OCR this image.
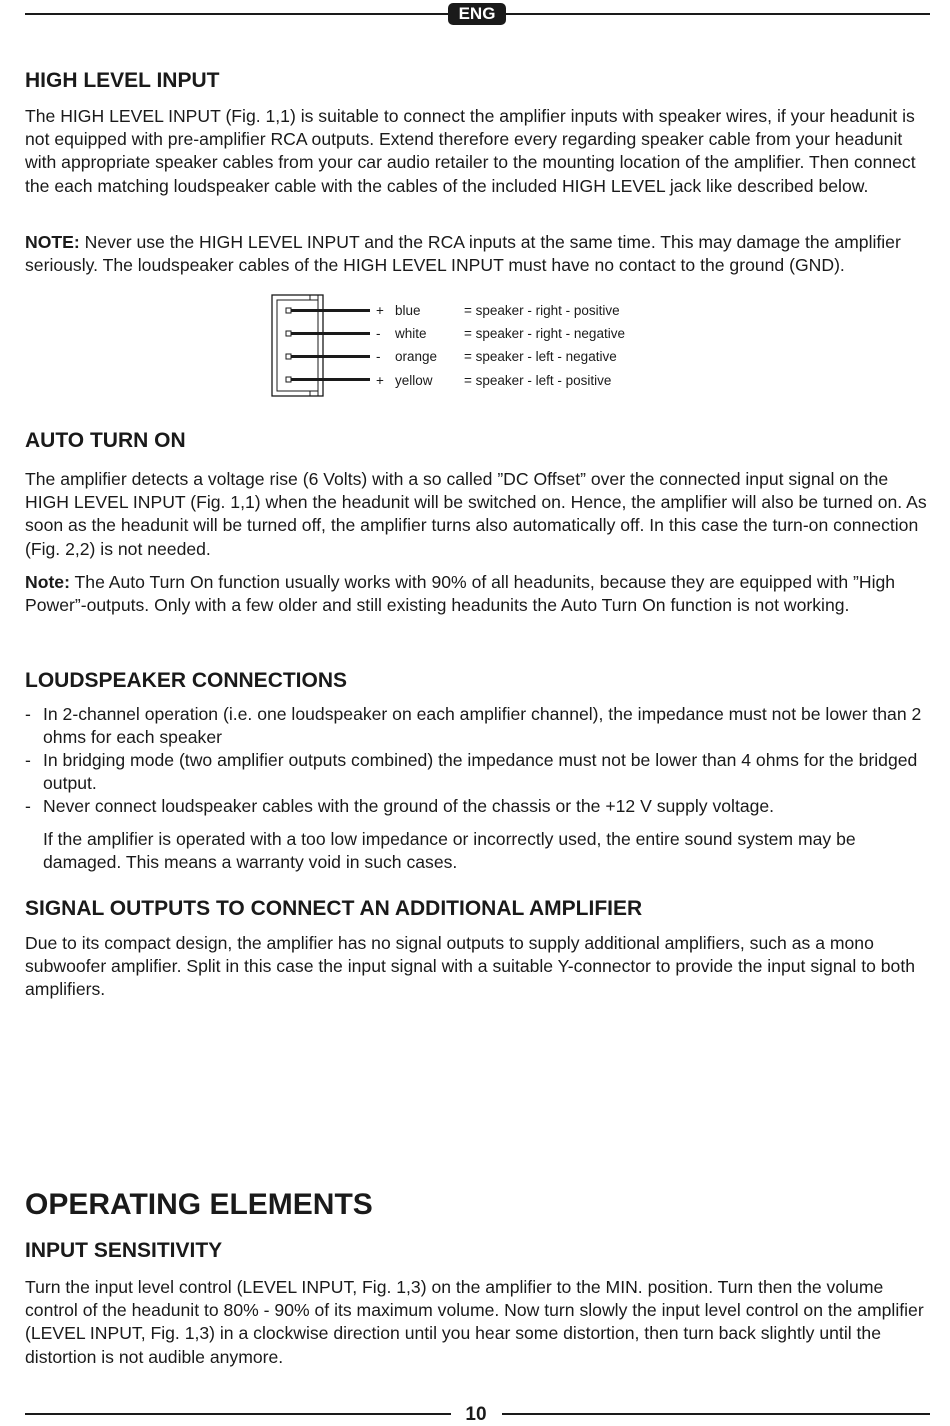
ENG
HIGH LEVEL INPUT

The HIGH LEVEL INPUT (Fig. 1,1) is suitable to connect the amplifier inputs with speaker wires, if your headunit is not equipped with pre-amplifier RCA outputs. Extend therefore every regarding speaker cable from your headunit with appropriate speaker cables from your car audio retailer to the mounting location of the amplifier. Then connect the each matching loudspeaker cable with the cables of the included HIGH LEVEL jack like described below.

NOTE: Never use the HIGH LEVEL INPUT and the RCA inputs at the same time. This may damage the amplifier seriously. The loudspeaker cables of the HIGH LEVEL INPUT must have no contact to the ground (GND).

+ blue	= speaker - right - positive
- white	= speaker - right - negative
- orange = speaker - left - negative
+ yellow = speaker - left - positive
AUTO TURN ON

The amplifier detects a voltage rise (6 Volts) with a so called ”DC Offset” over the connected input signal on the HIGH LEVEL INPUT (Fig. 1,1) when the headunit will be switched on. Hence, the amplifier will also be turned on. As soon as the headunit will be turned off, the amplifier turns also automatically off. In this case the turn-on connection (Fig. 2,2) is not needed.

Note: The Auto Turn On function usually works with 90% of all headunits, because they are equipped with ”High Power”-outputs. Only with a few older and still existing headunits the Auto Turn On function is not working.

LOUDSPEAKER CONNECTIONS
- In 2-channel operation (i.e. one loudspeaker on each amplifier channel), the impedance must not be lower than 2 ohms for each speaker
- In bridging mode (two amplifier outputs combined) the impedance must not be lower than 4 ohms for the bridged output.
- Never connect loudspeaker cables with the ground of the chassis or the +12 V supply voltage.

If the amplifier is operated with a too low impedance or incorrectly used, the entire sound system may be damaged. This means a warranty void in such cases.

SIGNAL OUTPUTS TO CONNECT AN ADDITIONAL AMPLIFIER

Due to its compact design, the amplifier has no signal outputs to supply additional amplifiers, such as a mono subwoofer amplifier. Split in this case the input signal with a suitable Y-connector to provide the input signal to both amplifiers.

OPERATING ELEMENTS
INPUT SENSITIVITY

Turn the input level control (LEVEL INPUT, Fig. 1,3) on the amplifier to the MIN. position. Turn then the volume control of the headunit to 80% - 90% of its maximum volume. Now turn slowly the input level control on the amplifier (LEVEL INPUT, Fig. 1,3) in a clockwise direction until you hear some distortion, then turn back slightly until the distortion is not audible anymore.

10
